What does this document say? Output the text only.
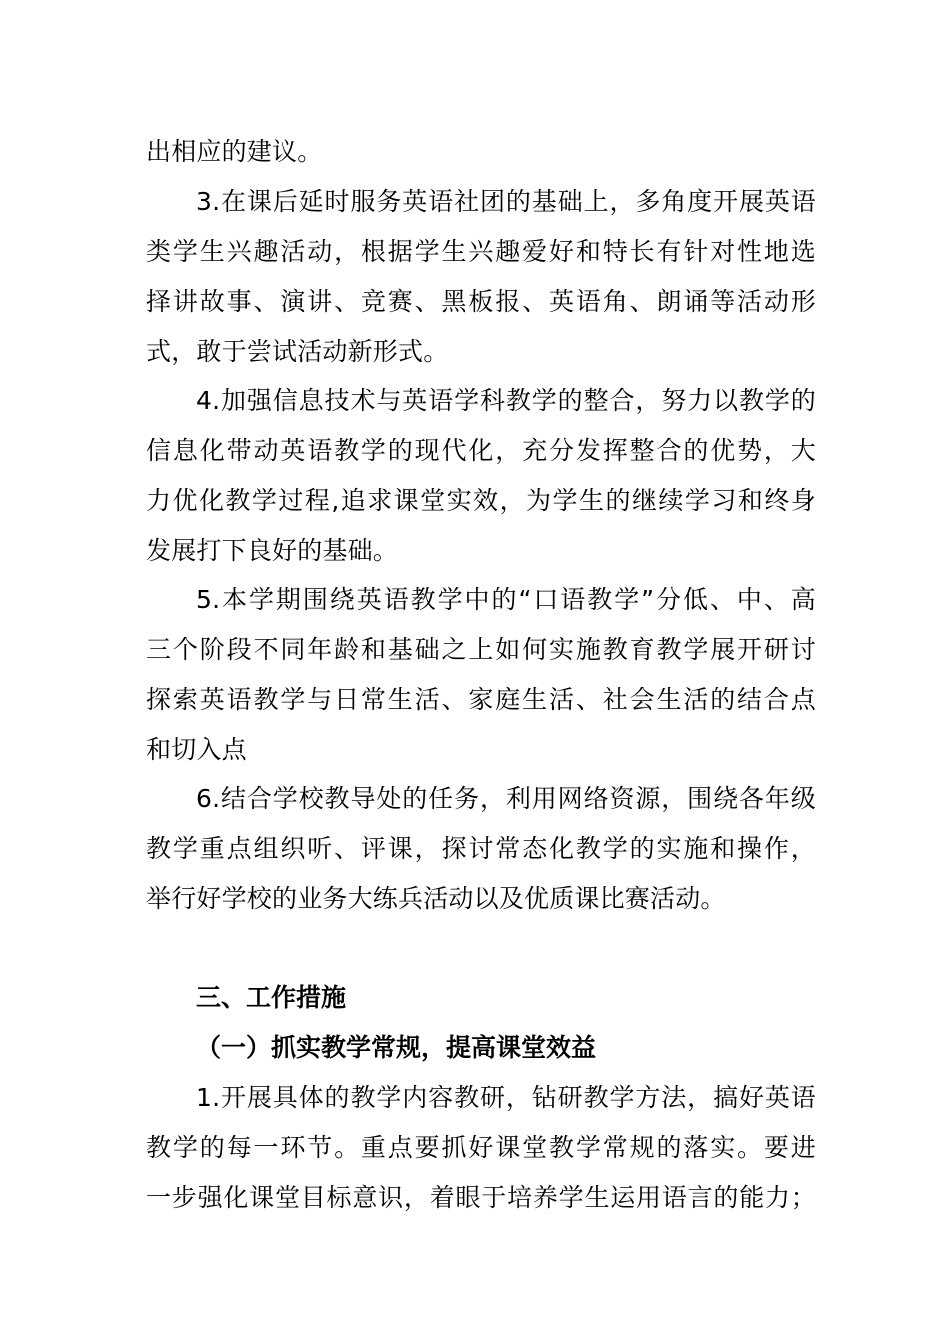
出相应的建议。
3.在课后延时服务英语社团的基础上，多角度开展英语
类学生兴趣活动，根据学生兴趣爱好和特长有针对性地选
择讲故事、演讲、竞赛、黑板报、英语角、朗诵等活动形
式，敢于尝试活动新形式。
4.加强信息技术与英语学科教学的整合，努力以教学的
信息化带动英语教学的现代化，充分发挥整合的优势，大
力优化教学过程,追求课堂实效，为学生的继续学习和终身
发展打下良好的基础。
5.本学期围绕英语教学中的“口语教学”分低、中、高
三个阶段不同年龄和基础之上如何实施教育教学展开研讨
探索英语教学与日常生活、家庭生活、社会生活的结合点
和切入点
6.结合学校教导处的任务，利用网络资源，围绕各年级
教学重点组织听、评课，探讨常态化教学的实施和操作，
举行好学校的业务大练兵活动以及优质课比赛活动。
三、工作措施
（一）抓实教学常规，提高课堂效益
1.开展具体的教学内容教研，钻研教学方法，搞好英语
教学的每一环节。重点要抓好课堂教学常规的落实。要进
一步强化课堂目标意识，着眼于培养学生运用语言的能力；
